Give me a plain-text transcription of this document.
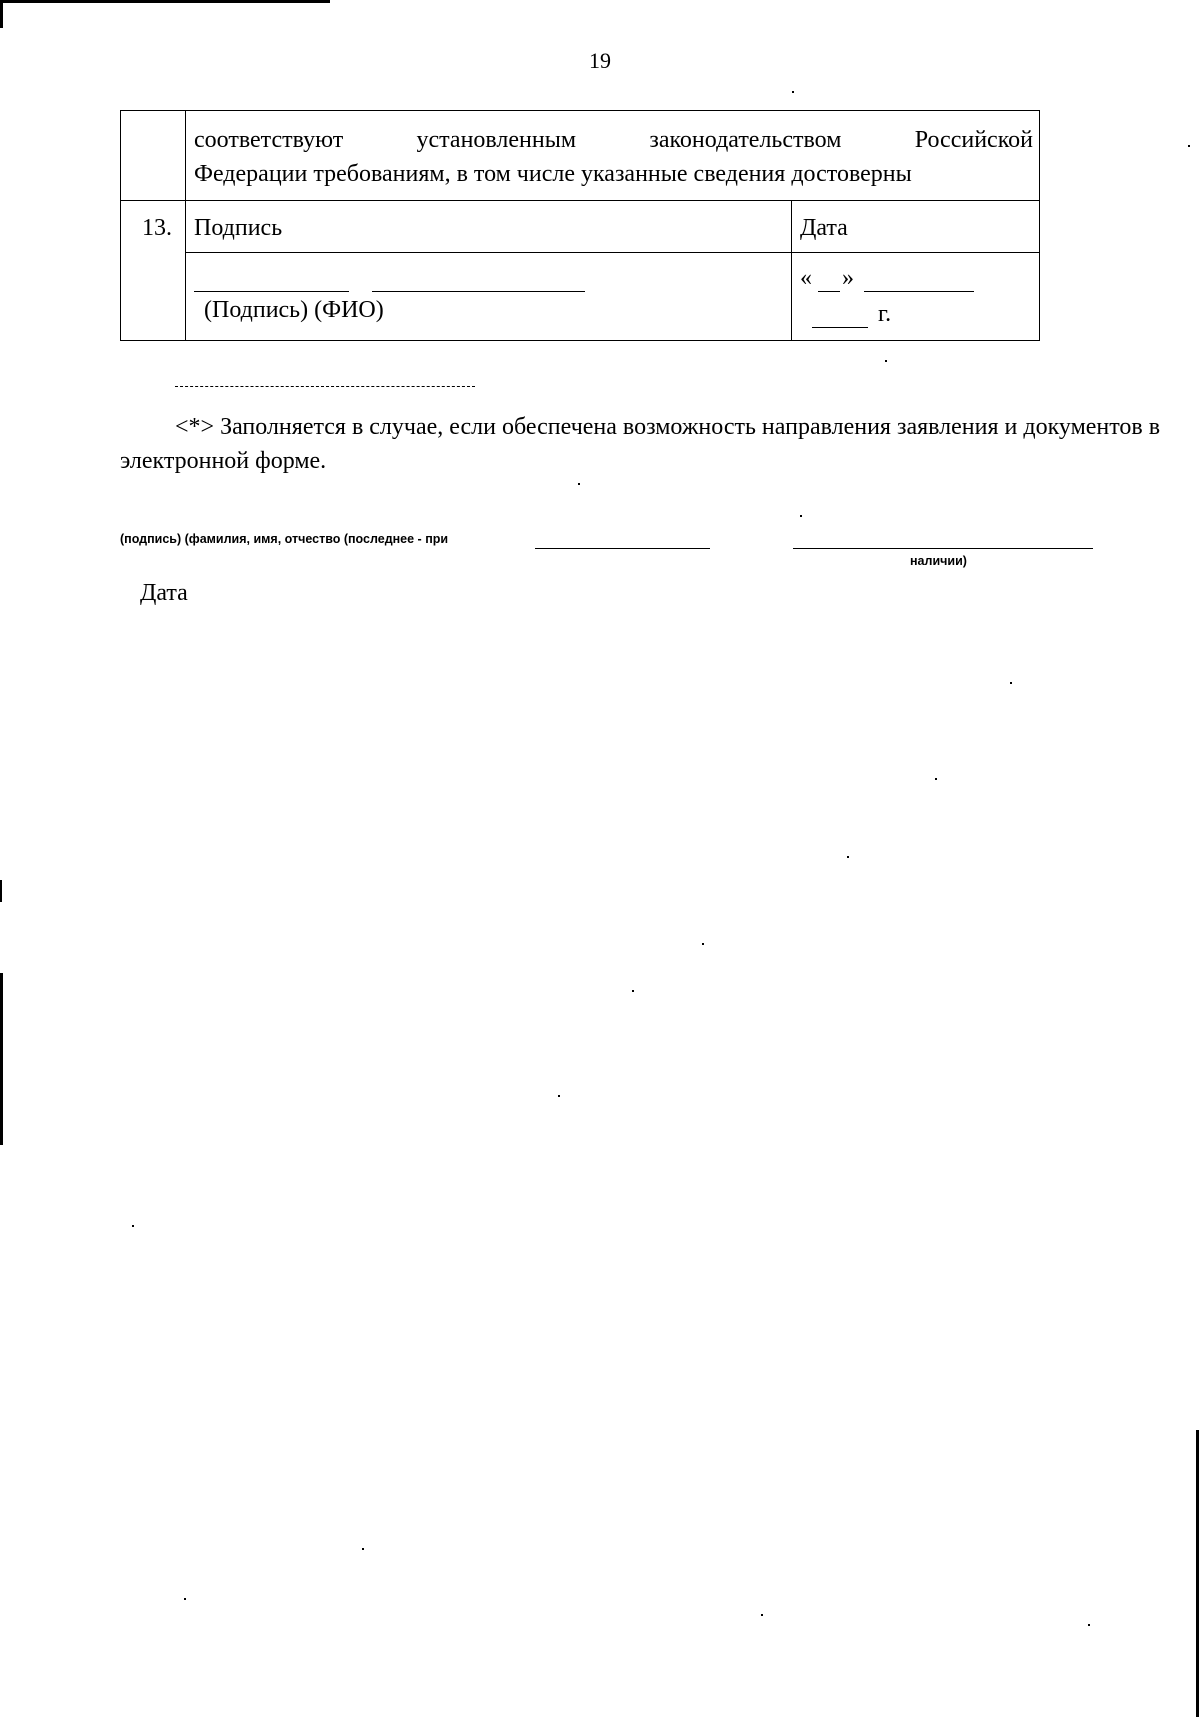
19

	соответствуют установленным законодательством Российской
Федерации требованиям, в том числе указанные сведения достоверны	

13.	Подпись	Дата

	(Подпись) (ФИО)	« »
г.
<*> Заполняется в случае, если обеспечена возможность направления заявления и документов в электронной форме.
(подпись) (фамилия, имя, отчество (последнее - при
наличии)
Дата
